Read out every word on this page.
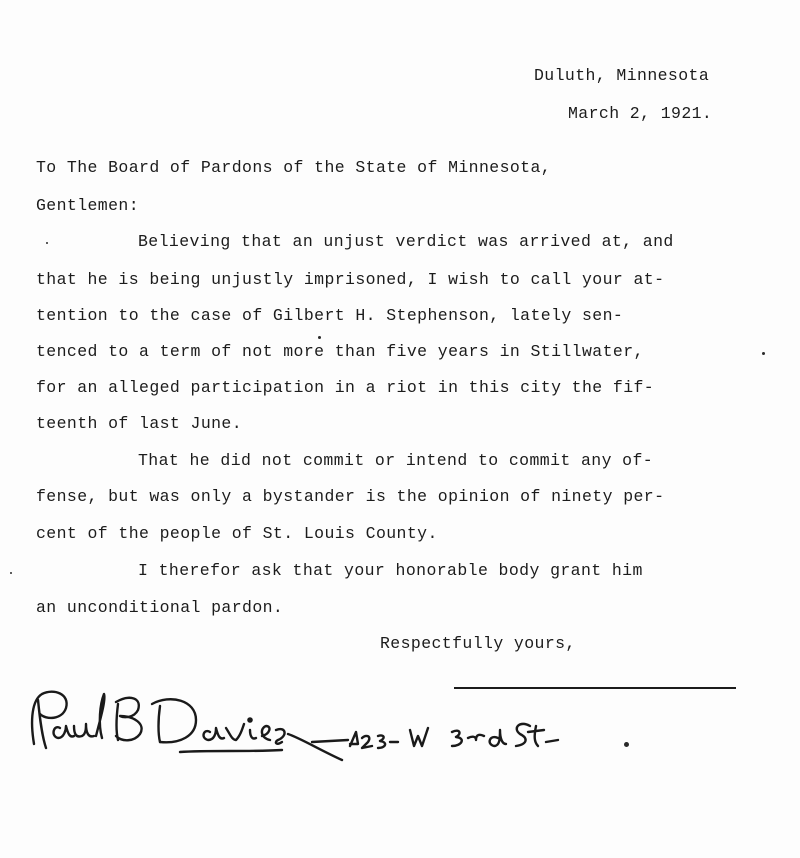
Duluth, Minnesota

March 2, 1921.

To The Board of Pardons of the State of Minnesota,

Gentlemen:

Believing that an unjust verdict was arrived at, and

that he is being unjustly imprisoned, I wish to call your at-

tention to the case of Gilbert H. Stephenson, lately sen-

tenced to a term of not more than five years in Stillwater,

for an alleged participation in a riot in this city the fif-

teenth of last June.

That he did not commit or intend to commit any of-

fense, but was only a bystander is the opinion of ninety per-

cent of the people of St. Louis County.

I therefor ask that your honorable body grant him

an unconditional pardon.

Respectfully yours,
